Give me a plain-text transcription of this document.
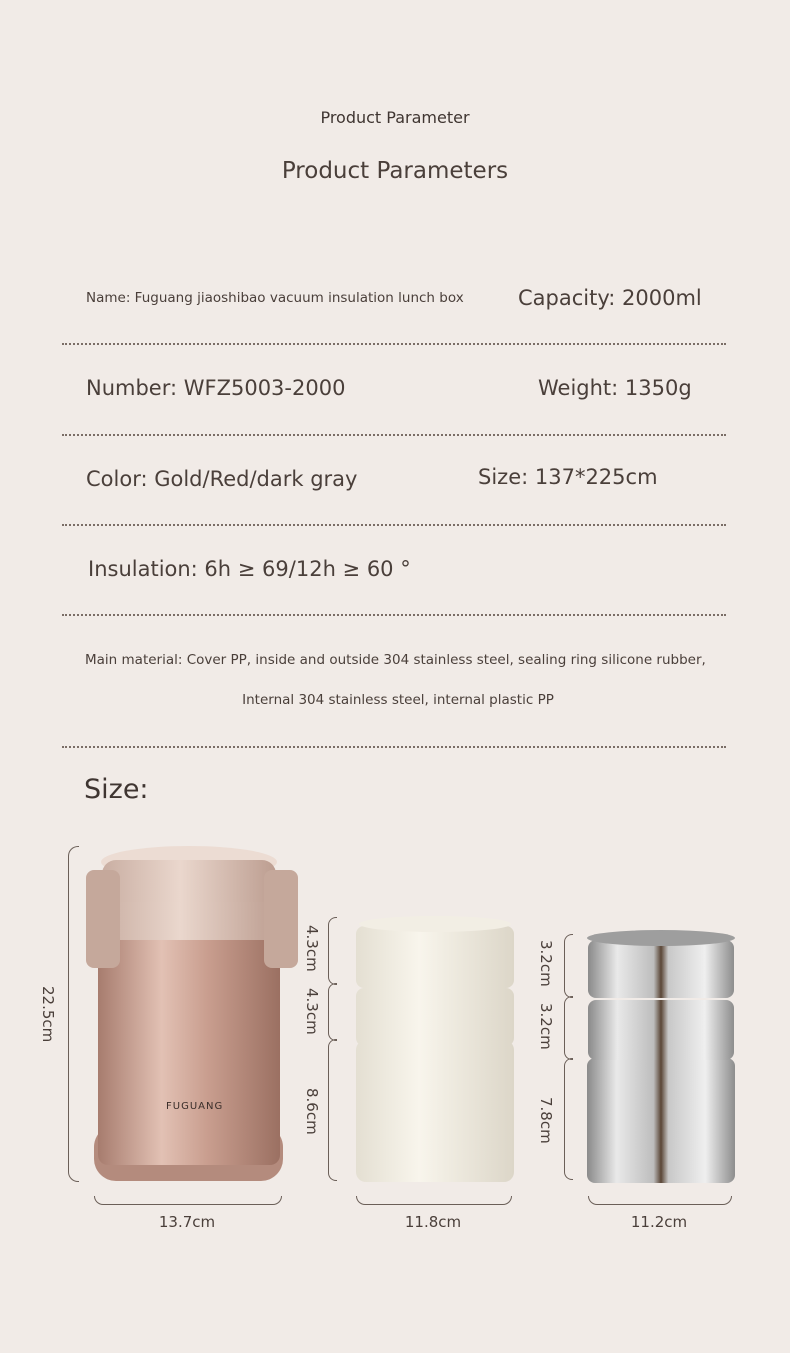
Product Parameter
Product Parameters
Name: Fuguang jiaoshibao vacuum insulation lunch box	Capacity: 2000ml
Number: WFZ5003-2000	Weight: 1350g
Color: Gold/Red/dark gray	Size: 137*225cm
Insulation: 6h ≥ 69/12h ≥ 60 °
Main material: Cover PP, inside and outside 304 stainless steel, sealing ring silicone rubber,
Internal 304 stainless steel, internal plastic PP
Size:
FUGUANG
22.5cm
13.7cm
4.3cm
4.3cm
8.6cm
11.8cm
3.2cm
3.2cm
7.8cm
11.2cm
